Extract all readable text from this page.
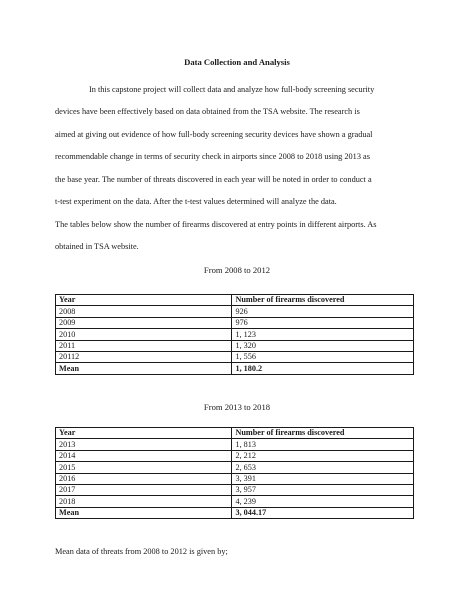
Data Collection and Analysis

In this capstone project will collect data and analyze how full-body screening security
devices have been effectively based on data obtained from the TSA website. The research is
aimed at giving out evidence of how full-body screening security devices have shown a gradual
recommendable change in terms of security check in airports since 2008 to 2018 using 2013 as
the base year. The number of threats discovered in each year will be noted in order to conduct a
t-test experiment on the data. After the t-test values determined will analyze the data.

The tables below show the number of firearms discovered at entry points in different airports. As
obtained in TSA website.

From 2008 to 2012
Year	Number of firearms discovered
2008	926
2009	976
2010	1, 123
2011	1, 320
20112	1, 556
Mean	1, 180.2
From 2013 to 2018
Year	Number of firearms discovered
2013	1, 813
2014	2, 212
2015	2, 653
2016	3, 391
2017	3, 957
2018	4, 239
Mean	3, 044.17

Mean data of threats from 2008 to 2012 is given by;
